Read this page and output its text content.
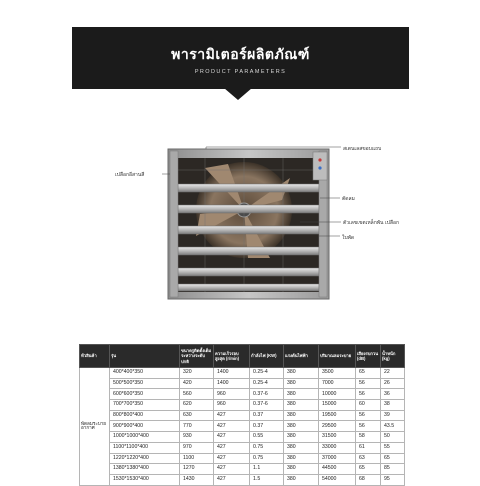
พารามิเตอร์ผลิตภัณฑ์
PRODUCT PARAMETERS
สเตนเลสขอบแถบ
เปลือกอีสานสี
ตัดลม
ตัวเลขเขตเหล็กพัน เปลือก
ใบพัด
หัวสินค้า	รุ่น	ขนาดรูติดตั้งเต็มระหว่างระดับปกติ	ความเร็วรอบสูงสุด (r/min)	กำลังไฟ (KW)	แรงดันไฟฟ้า	ปริมาณลมระบาย	เสียงรบกวน (dB)	น้ำหนัก (kg)
พัดลมระบายอากาศ	400*400*350	320	1400	0.25-4	380	3500	65	22
	500*500*350	420	1400	0.25-4	380	7000	56	26
	600*600*350	560	960	0.37-6	380	10000	56	36
	700*700*350	620	960	0.37-6	380	15000	60	38
	800*800*400	630	427	0.37	380	19500	56	39
	900*900*400	770	427	0.37	380	29500	56	43.5
	1000*1000*400	930	427	0.55	380	31500	58	50
	1100*1100*400	970	427	0.75	380	33000	61	55
	1220*1220*400	1100	427	0.75	380	37000	63	65
	1380*1380*400	1270	427	1.1	380	44500	65	85
	1530*1530*400	1430	427	1.5	380	54000	68	95
